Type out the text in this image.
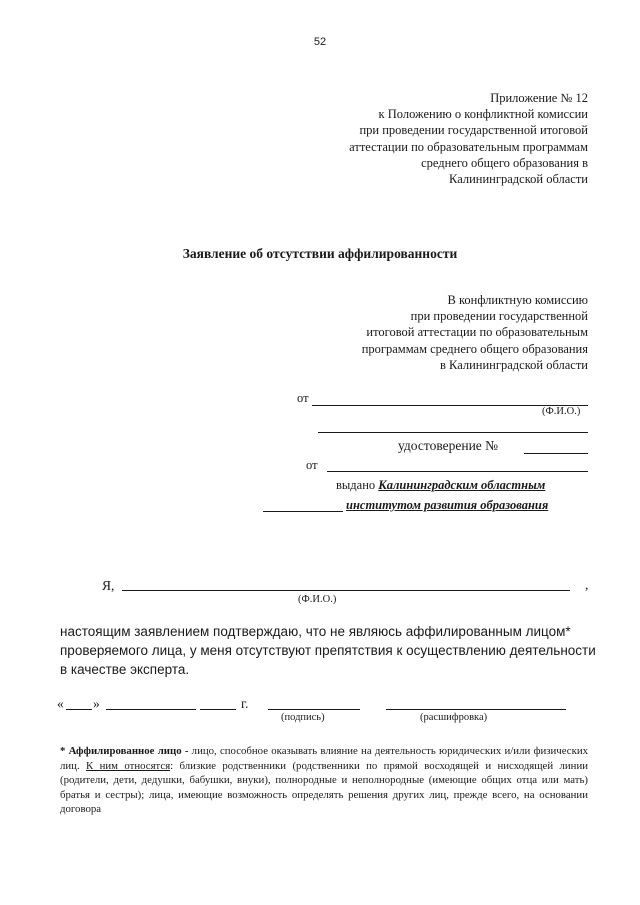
52
Приложение № 12
к Положению о конфликтной комиссии
при проведении государственной итоговой
аттестации по образовательным программам
среднего общего образования в
Калининградской области
Заявление об отсутствии аффилированности
В конфликтную комиссию
при проведении государственной
итоговой аттестации по образовательным
программам среднего общего образования
в Калининградской области
от
(Ф.И.О.)
удостоверение №
от
выдано Калининградским областным
институтом развития образования
Я,	,
(Ф.И.О.)
настоящим заявлением подтверждаю, что не являюсь аффилированным лицом* проверяемого лица, у меня отсутствуют препятствия к осуществлению деятельности в качестве эксперта.
« »	г.
(подпись)	(расшифровка)
* Аффилированное лицо - лицо, способное оказывать влияние на деятельность юридических и/или физических лиц. К ним относятся: близкие родственники (родственники по прямой восходящей и нисходящей линии (родители, дети, дедушки, бабушки, внуки), полнородные и неполнородные (имеющие общих отца или мать) братья и сестры); лица, имеющие возможность определять решения других лиц, прежде всего, на основании договора
